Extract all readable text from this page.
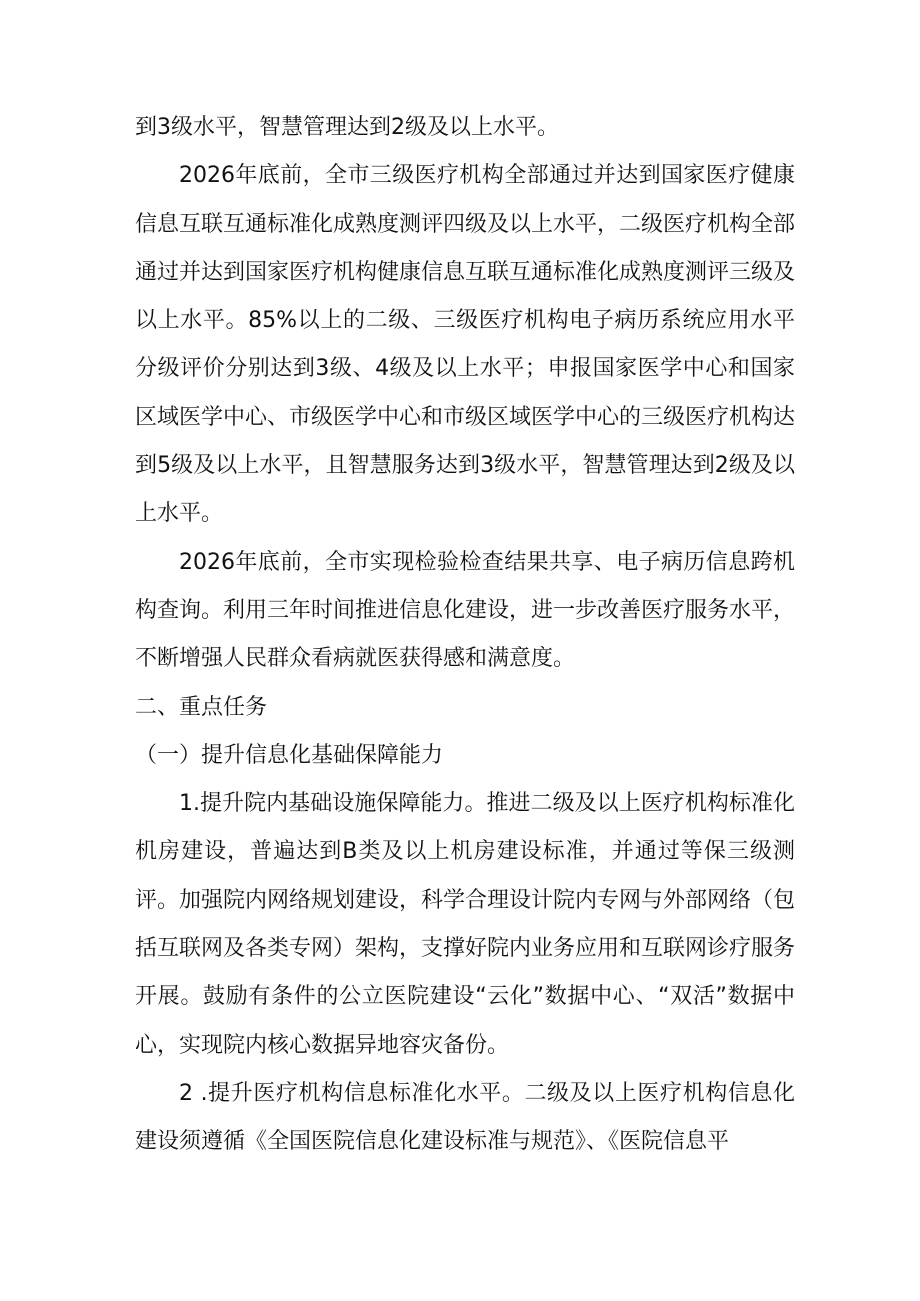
到3级水平，智慧管理达到2级及以上水平。

2026年底前，全市三级医疗机构全部通过并达到国家医疗健康信息互联互通标准化成熟度测评四级及以上水平，二级医疗机构全部通过并达到国家医疗机构健康信息互联互通标准化成熟度测评三级及以上水平。85%以上的二级、三级医疗机构电子病历系统应用水平分级评价分别达到3级、4级及以上水平；申报国家医学中心和国家区域医学中心、市级医学中心和市级区域医学中心的三级医疗机构达到5级及以上水平，且智慧服务达到3级水平，智慧管理达到2级及以上水平。

2026年底前，全市实现检验检查结果共享、电子病历信息跨机构查询。利用三年时间推进信息化建设，进一步改善医疗服务水平，不断增强人民群众看病就医获得感和满意度。

二、重点任务

（一）提升信息化基础保障能力

1.提升院内基础设施保障能力。推进二级及以上医疗机构标准化机房建设，普遍达到B类及以上机房建设标准，并通过等保三级测评。加强院内网络规划建设，科学合理设计院内专网与外部网络（包括互联网及各类专网）架构，支撑好院内业务应用和互联网诊疗服务开展。鼓励有条件的公立医院建设“云化”数据中心、“双活”数据中心，实现院内核心数据异地容灾备份。

2 .提升医疗机构信息标准化水平。二级及以上医疗机构信息化建设须遵循《全国医院信息化建设标准与规范》、《医院信息平
